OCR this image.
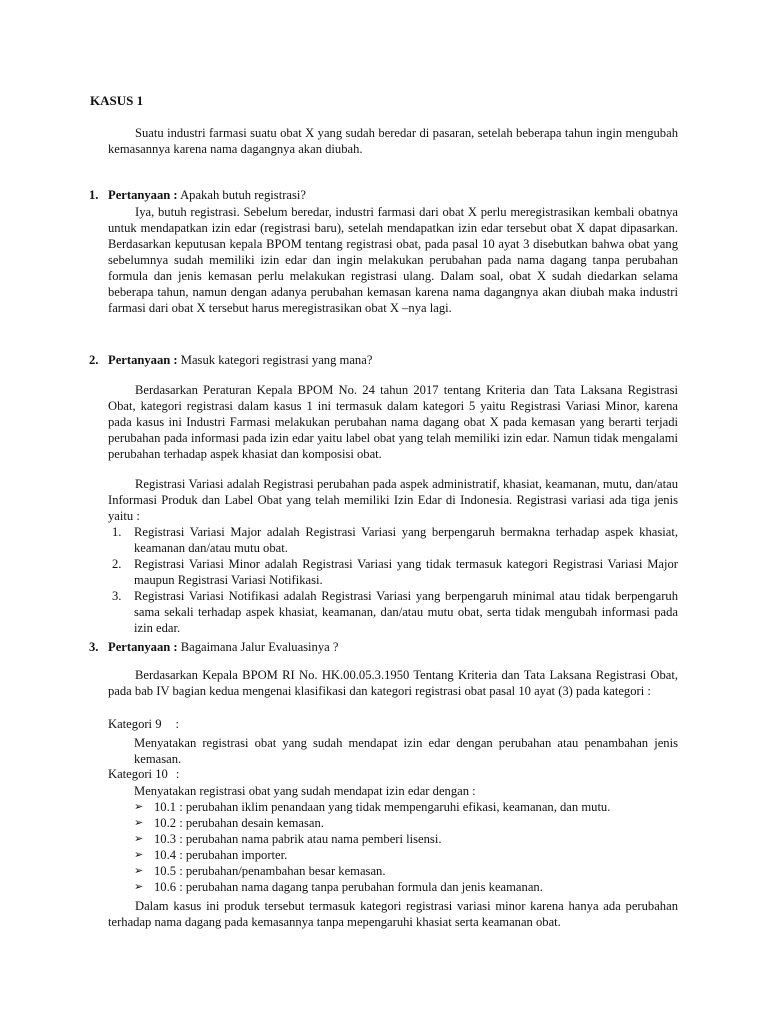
KASUS 1

Suatu industri farmasi suatu obat X yang sudah beredar di pasaran, setelah beberapa tahun ingin mengubah kemasannya karena nama dagangnya akan diubah.

1. Pertanyaan : Apakah butuh registrasi?

Iya, butuh registrasi. Sebelum beredar, industri farmasi dari obat X perlu meregistrasikan kembali obatnya untuk mendapatkan izin edar (registrasi baru), setelah mendapatkan izin edar tersebut obat X dapat dipasarkan. Berdasarkan keputusan kepala BPOM tentang registrasi obat, pada pasal 10 ayat 3 disebutkan bahwa obat yang sebelumnya sudah memiliki izin edar dan ingin melakukan perubahan pada nama dagang tanpa perubahan formula dan jenis kemasan perlu melakukan registrasi ulang. Dalam soal, obat X sudah diedarkan selama beberapa tahun, namun dengan adanya perubahan kemasan karena nama dagangnya akan diubah maka industri farmasi dari obat X tersebut harus meregistrasikan obat X –nya lagi.

2. Pertanyaan : Masuk kategori registrasi yang mana?

Berdasarkan Peraturan Kepala BPOM No. 24 tahun 2017 tentang Kriteria dan Tata Laksana Registrasi Obat, kategori registrasi dalam kasus 1 ini termasuk dalam kategori 5 yaitu Registrasi Variasi Minor, karena pada kasus ini Industri Farmasi melakukan perubahan nama dagang obat X pada kemasan yang berarti terjadi perubahan pada informasi pada izin edar yaitu label obat yang telah memiliki izin edar. Namun tidak mengalami perubahan terhadap aspek khasiat dan komposisi obat.

Registrasi Variasi adalah Registrasi perubahan pada aspek administratif, khasiat, keamanan, mutu, dan/atau Informasi Produk dan Label Obat yang telah memiliki Izin Edar di Indonesia. Registrasi variasi ada tiga jenis yaitu :

1. Registrasi Variasi Major adalah Registrasi Variasi yang berpengaruh bermakna terhadap aspek khasiat, keamanan dan/atau mutu obat.
2. Registrasi Variasi Minor adalah Registrasi Variasi yang tidak termasuk kategori Registrasi Variasi Major maupun Registrasi Variasi Notifikasi.
3. Registrasi Variasi Notifikasi adalah Registrasi Variasi yang berpengaruh minimal atau tidak berpengaruh sama sekali terhadap aspek khasiat, keamanan, dan/atau mutu obat, serta tidak mengubah informasi pada izin edar.
3. Pertanyaan : Bagaimana Jalur Evaluasinya ?

Berdasarkan Kepala BPOM RI No. HK.00.05.3.1950 Tentang Kriteria dan Tata Laksana Registrasi Obat, pada bab IV bagian kedua mengenai klasifikasi dan kategori registrasi obat pasal 10 ayat (3) pada kategori :

Kategori 9 :

Menyatakan registrasi obat yang sudah mendapat izin edar dengan perubahan atau penambahan jenis kemasan.

Kategori 10 :

Menyatakan registrasi obat yang sudah mendapat izin edar dengan :

➢ 10.1 : perubahan iklim penandaan yang tidak mempengaruhi efikasi, keamanan, dan mutu.
➢ 10.2 : perubahan desain kemasan.
➢ 10.3 : perubahan nama pabrik atau nama pemberi lisensi.
➢ 10.4 : perubahan importer.
➢ 10.5 : perubahan/penambahan besar kemasan.
➢ 10.6 : perubahan nama dagang tanpa perubahan formula dan jenis keamanan.

Dalam kasus ini produk tersebut termasuk kategori registrasi variasi minor karena hanya ada perubahan terhadap nama dagang pada kemasannya tanpa mepengaruhi khasiat serta keamanan obat.
